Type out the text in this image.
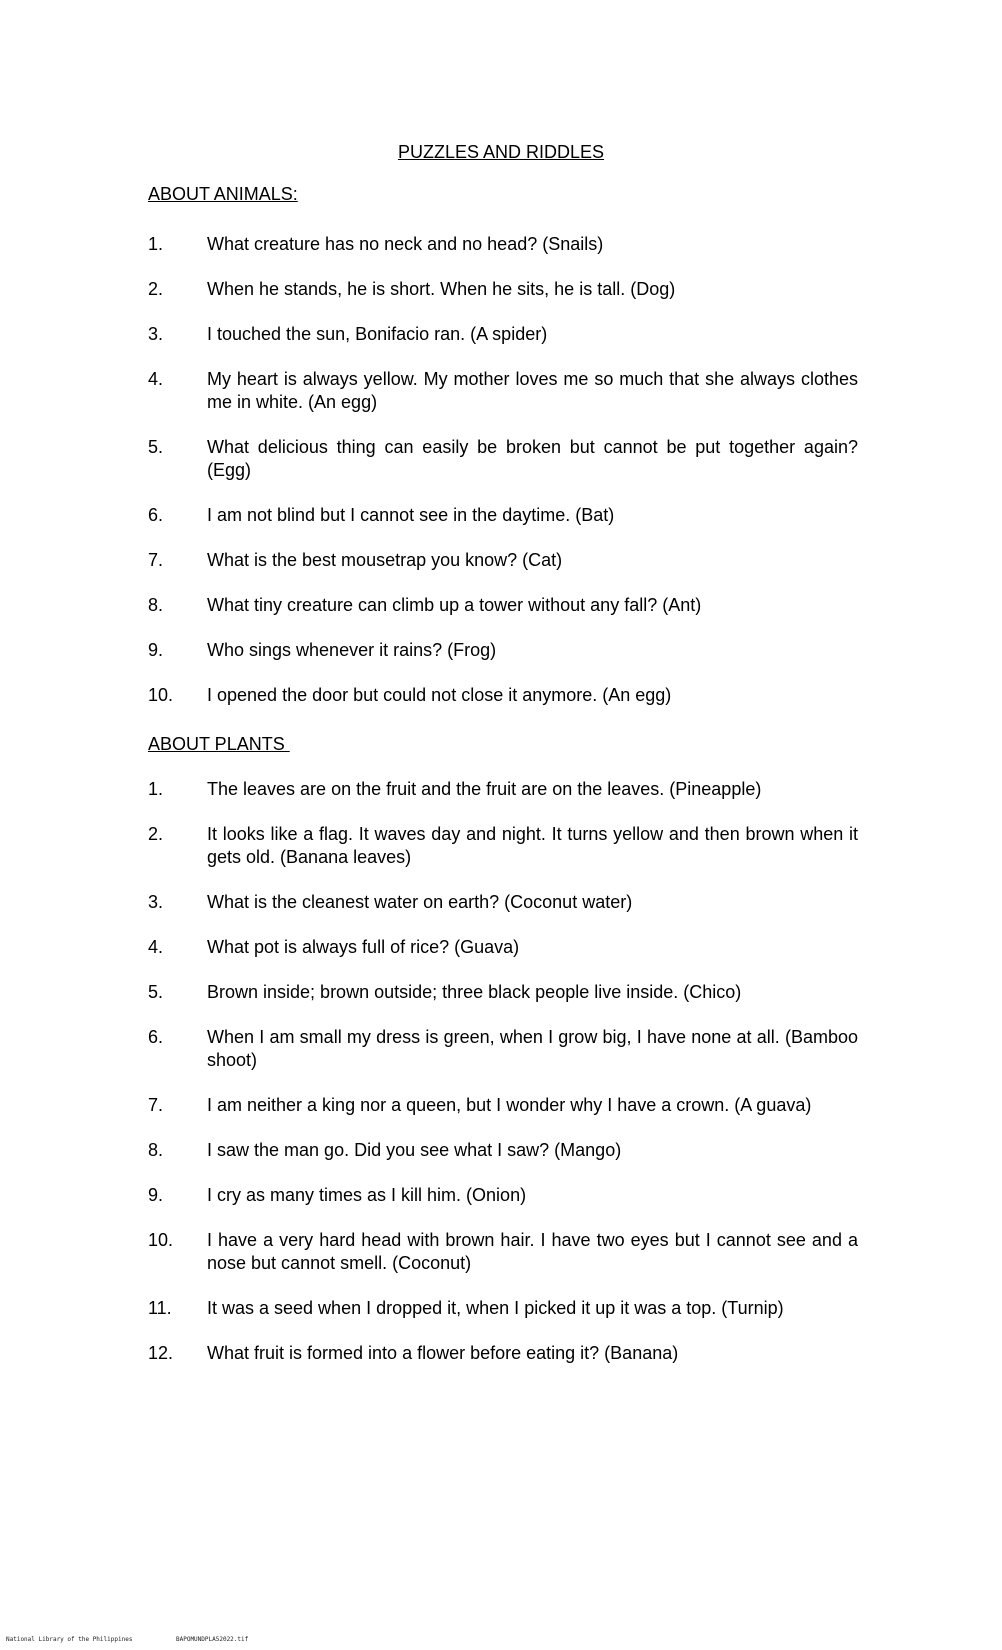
PUZZLES AND RIDDLES
ABOUT ANIMALS:
1.	What creature has no neck and no head? (Snails)
2.	When he stands, he is short. When he sits, he is tall. (Dog)
3.	I touched the sun, Bonifacio ran. (A spider)
4.	My heart is always yellow. My mother loves me so much that she always clothes me in white. (An egg)
5.	What delicious thing can easily be broken but cannot be put together again? (Egg)
6.	I am not blind but I cannot see in the daytime. (Bat)
7.	What is the best mousetrap you know? (Cat)
8.	What tiny creature can climb up a tower without any fall? (Ant)
9.	Who sings whenever it rains? (Frog)
10.	I opened the door but could not close it anymore. (An egg)
ABOUT PLANTS
1.	The leaves are on the fruit and the fruit are on the leaves. (Pineapple)
2.	It looks like a flag. It waves day and night. It turns yellow and then brown when it gets old. (Banana leaves)
3.	What is the cleanest water on earth? (Coconut water)
4.	What pot is always full of rice? (Guava)
5.	Brown inside; brown outside; three black people live inside. (Chico)
6.	When I am small my dress is green, when I grow big, I have none at all. (Bamboo shoot)
7.	I am neither a king nor a queen, but I wonder why I have a crown. (A guava)
8.	I saw the man go. Did you see what I saw? (Mango)
9.	I cry as many times as I kill him. (Onion)
10.	I have a very hard head with brown hair. I have two eyes but I cannot see and a nose but cannot smell. (Coconut)
11.	It was a seed when I dropped it, when I picked it up it was a top. (Turnip)
12.	What fruit is formed into a flower before eating it? (Banana)
National Library of the Philippines	BAPOMUNDPLA52022.tif
